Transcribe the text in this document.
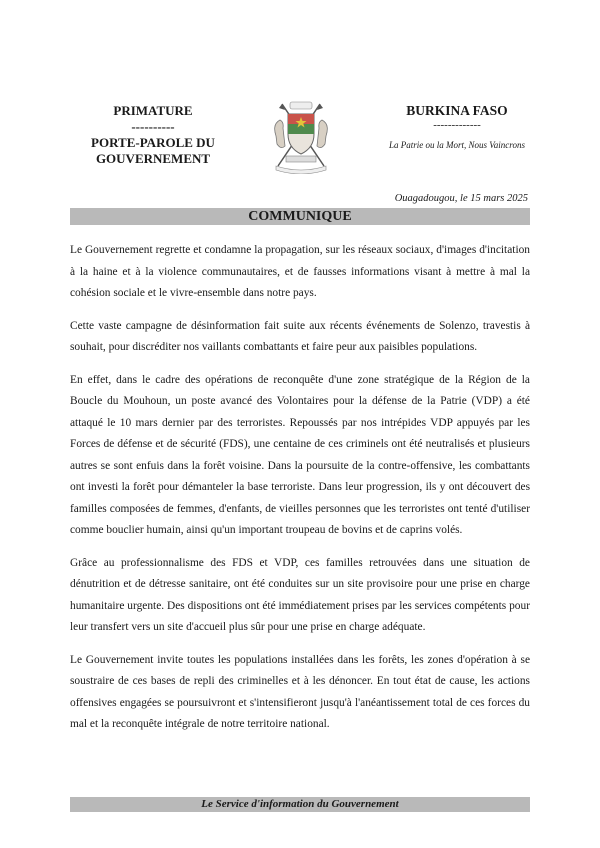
PRIMATURE
----------
PORTE-PAROLE DU
GOUVERNEMENT
BURKINA FASO
-------------
La Patrie ou la Mort, Nous Vaincrons
Ouagadougou, le 15 mars 2025
COMMUNIQUE

Le Gouvernement regrette et condamne la propagation, sur les réseaux sociaux, d'images d'incitation à la haine et à la violence communautaires, et de fausses informations visant à mettre à mal la cohésion sociale et le vivre-ensemble dans notre pays.

Cette vaste campagne de désinformation fait suite aux récents événements de Solenzo, travestis à souhait, pour discréditer nos vaillants combattants et faire peur aux paisibles populations.

En effet, dans le cadre des opérations de reconquête d'une zone stratégique de la Région de la Boucle du Mouhoun, un poste avancé des Volontaires pour la défense de la Patrie (VDP) a été attaqué le 10 mars dernier par des terroristes. Repoussés par nos intrépides VDP appuyés par les Forces de défense et de sécurité (FDS), une centaine de ces criminels ont été neutralisés et plusieurs autres se sont enfuis dans la forêt voisine. Dans la poursuite de la contre-offensive, les combattants ont investi la forêt pour démanteler la base terroriste. Dans leur progression, ils y ont découvert des familles composées de femmes, d'enfants, de vieilles personnes que les terroristes ont tenté d'utiliser comme bouclier humain, ainsi qu'un important troupeau de bovins et de caprins volés.

Grâce au professionnalisme des FDS et VDP, ces familles retrouvées dans une situation de dénutrition et de détresse sanitaire, ont été conduites sur un site provisoire pour une prise en charge humanitaire urgente. Des dispositions ont été immédiatement prises par les services compétents pour leur transfert vers un site d'accueil plus sûr pour une prise en charge adéquate.

Le Gouvernement invite toutes les populations installées dans les forêts, les zones d'opération à se soustraire de ces bases de repli des criminelles et à les dénoncer. En tout état de cause, les actions offensives engagées se poursuivront et s'intensifieront jusqu'à l'anéantissement total de ces forces du mal et la reconquête intégrale de notre territoire national.

Le Service d'information du Gouvernement
